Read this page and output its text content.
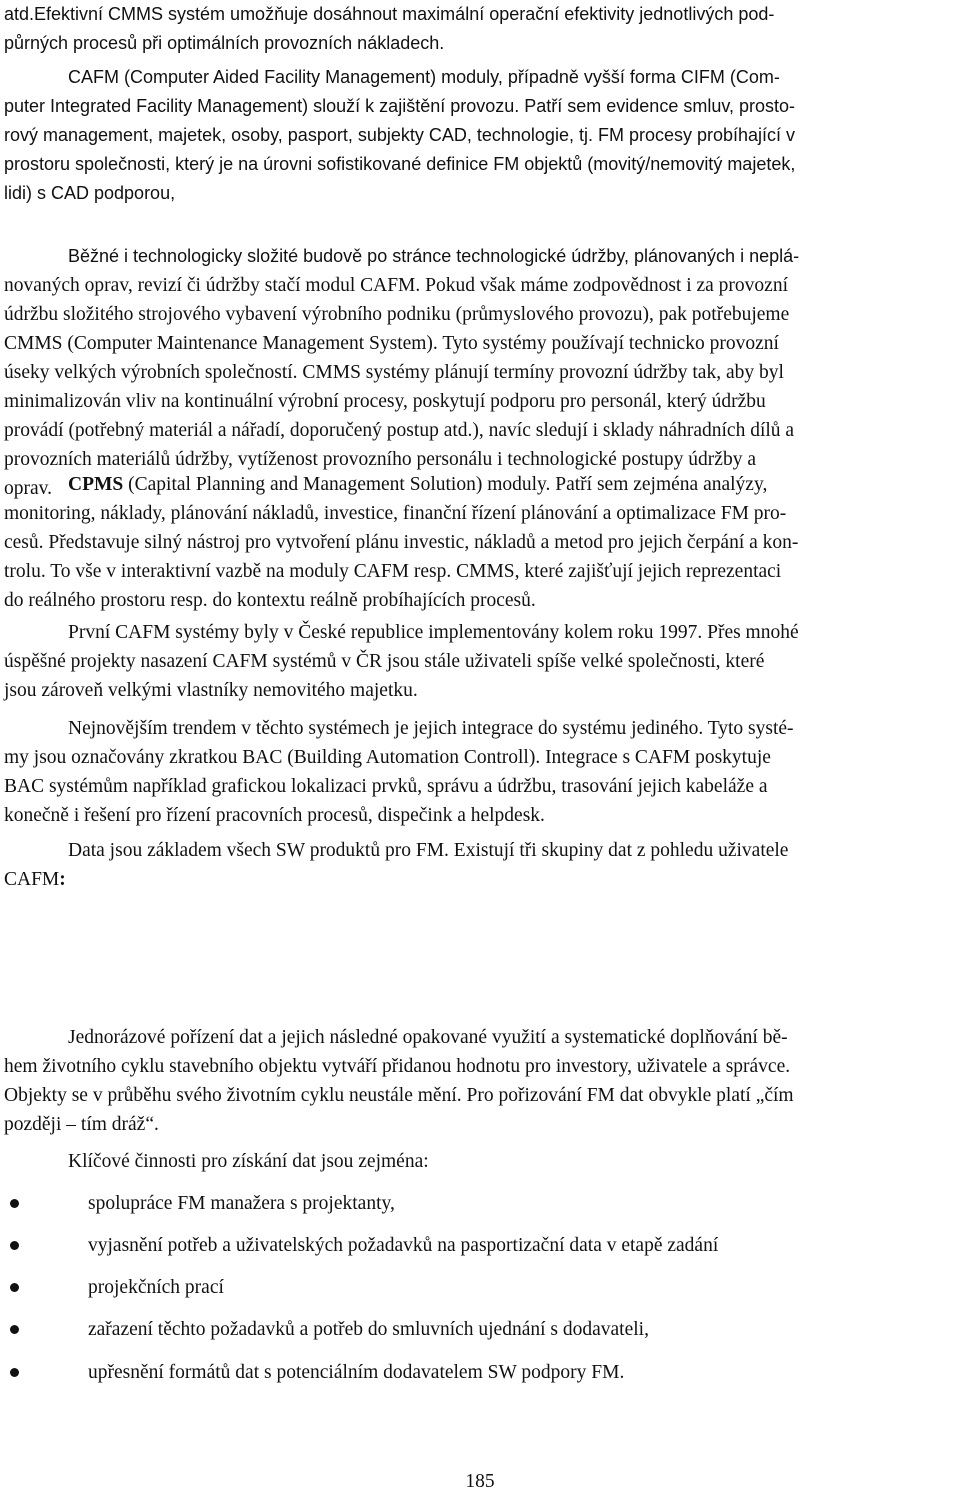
atd.Efektivní CMMS systém umožňuje dosáhnout maximální operační efektivity jednotlivých pod-
půrných procesů při optimálních provozních nákladech.
CAFM (Computer Aided Facility Management) moduly, případně vyšší forma CIFM (Com-
puter Integrated Facility Management) slouží k zajištění provozu. Patří sem evidence smluv, prosto-
rový management, majetek, osoby, pasport, subjekty CAD, technologie, tj. FM procesy probíhající v
prostoru společnosti, který je na úrovni sofistikované definice FM objektů (movitý/nemovitý majetek,
lidi) s CAD podporou,
Běžné i technologicky složité budově po stránce technologické údržby, plánovaných i neplá-
novaných oprav, revizí či údržby stačí modul CAFM. Pokud však máme zodpovědnost i za provozní
údržbu složitého strojového vybavení výrobního podniku (průmyslového provozu), pak potřebujeme
CMMS (Computer Maintenance Management System). Tyto systémy používají technicko provozní
úseky velkých výrobních společností. CMMS systémy plánují termíny provozní údržby tak, aby byl
minimalizován vliv na kontinuální výrobní procesy, poskytují podporu pro personál, který údržbu
provádí (potřebný materiál a nářadí, doporučený postup atd.), navíc sledují i sklady náhradních dílů a
provozních materiálů údržby, vytíženost provozního personálu i technologické postupy údržby a
oprav. CPMS (Capital Planning and Management Solution) moduly. Patří sem zejména analýzy,
monitoring, náklady, plánování nákladů, investice, finanční řízení plánování a optimalizace FM pro-
cesů. Představuje silný nástroj pro vytvoření plánu investic, nákladů a metod pro jejich čerpání a kon-
trolu. To vše v interaktivní vazbě na moduly CAFM resp. CMMS, které zajišťují jejich reprezentaci
do reálného prostoru resp. do kontextu reálně probíhajících procesů.
První CAFM systémy byly v České republice implementovány kolem roku 1997. Přes mnohé
úspěšné projekty nasazení CAFM systémů v ČR jsou stále uživateli spíše velké společnosti, které
jsou zároveň velkými vlastníky nemovitého majetku.
Nejnovějším trendem v těchto systémech je jejich integrace do systému jediného. Tyto systé-
my jsou označovány zkratkou BAC (Building Automation Controll). Integrace s CAFM poskytuje
BAC systémům například grafickou lokalizaci prvků, správu a údržbu, trasování jejich kabeláže a
konečně i řešení pro řízení pracovních procesů, dispečink a helpdesk.
Data jsou základem všech SW produktů pro FM. Existují tři skupiny dat z pohledu uživatele
CAFM:
Jednorázové pořízení dat a jejich následné opakované využití a systematické doplňování bě-
hem životního cyklu stavebního objektu vytváří přidanou hodnotu pro investory, uživatele a správce.
Objekty se v průběhu svého životním cyklu neustále mění. Pro pořizování FM dat obvykle platí „čím
později – tím dráž“.
Klíčové činnosti pro získání dat jsou zejména:
spolupráce FM manažera s projektanty,
vyjasnění potřeb a uživatelských požadavků na pasportizační data v etapě zadání
projekčních prací
zařazení těchto požadavků a potřeb do smluvních ujednání s dodavateli,
upřesnění formátů dat s potenciálním dodavatelem SW podpory FM.
185
